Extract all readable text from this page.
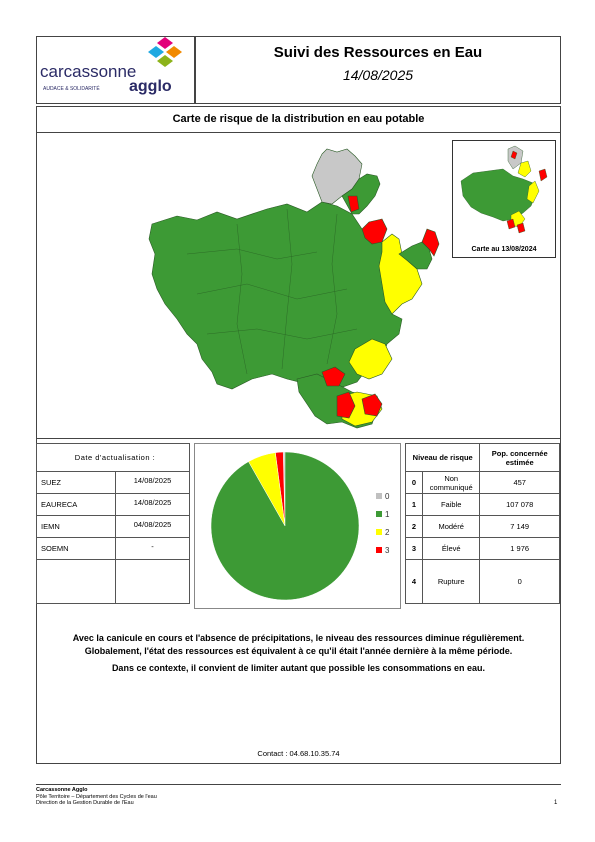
carcassonne
agglo
AUDACE & SOLIDARITÉ
Suivi des Ressources en Eau
14/08/2025
Carte de risque de la distribution en eau potable
Carte au 13/08/2024
Date d'actualisation :	
SUEZ	14/08/2025
EAURECA	14/08/2025
IEMN	04/08/2025
SOEMN	-

0
1
2
3
Niveau de risque		Pop. concernée estimée
0	Non communiqué	457
1	Faible	107 078
2	Modéré	7 149
3	Élevé	1 976
4	Rupture	0

Avec la canicule en cours et l'absence de précipitations, le niveau des ressources diminue régulièrement.

Globalement, l'état des ressources est équivalent à ce qu'il était l'année dernière à la même période.

Dans ce contexte, il convient de limiter autant que possible les consommations en eau.

Contact : 04.68.10.35.74
Carcassonne Agglo
Pôle Territoire – Département des Cycles de l'eau
Direction de la Gestion Durable de l'Eau	1
